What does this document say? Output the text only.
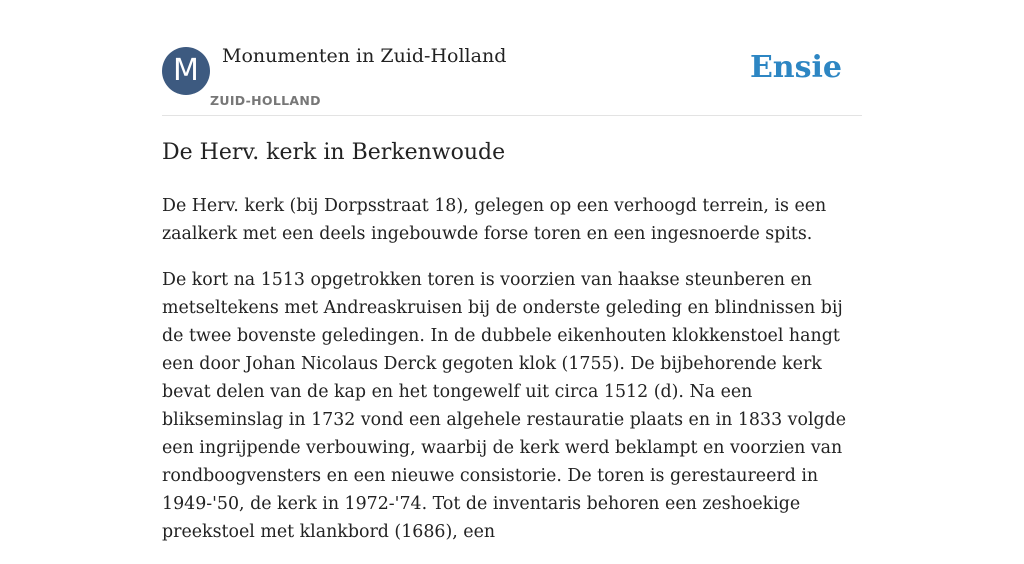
M	Monumenten in Zuid-Holland
ZUID-HOLLAND
Ensie
De Herv. kerk in Berkenwoude

De Herv. kerk (bij Dorpsstraat 18), gelegen op een verhoogd terrein, is een zaalkerk met een deels ingebouwde forse toren en een ingesnoerde spits.

De kort na 1513 opgetrokken toren is voorzien van haakse steunberen en metseltekens met Andreaskruisen bij de onderste geleding en blindnissen bij de twee bovenste geledingen. In de dubbele eikenhouten klokkenstoel hangt een door Johan Nicolaus Derck gegoten klok (1755). De bijbehorende kerk bevat delen van de kap en het tongewelf uit circa 1512 (d). Na een blikseminslag in 1732 vond een algehele restauratie plaats en in 1833 volgde een ingrijpende verbouwing, waarbij de kerk werd beklampt en voorzien van rondboogvensters en een nieuwe consistorie. De toren is gerestaureerd in 1949-'50, de kerk in 1972-'74. Tot de inventaris behoren een zeshoekige preekstoel met klankbord (1686), een
